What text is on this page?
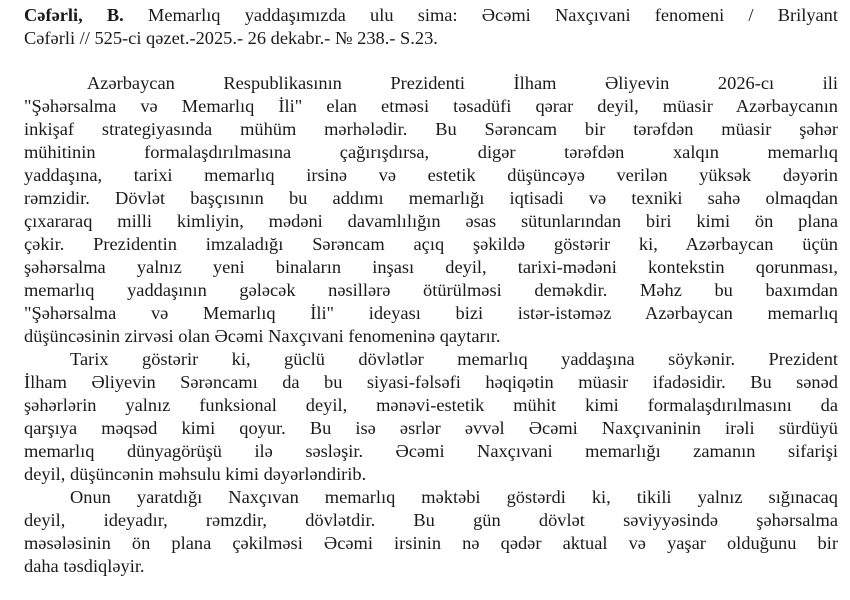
Cəfərli, B. Memarlıq yaddaşımızda ulu sima: Əcəmi Naxçıvani fenomeni / Brilyant
Cəfərli // 525-ci qəzet.-2025.- 26 dekabr.- № 238.- S.23.
Azərbaycan Respublikasının Prezidenti İlham Əliyevin 2026-cı ili
"Şəhərsalma və Memarlıq İli" elan etməsi təsadüfi qərar deyil, müasir Azərbaycanın
inkişaf strategiyasında mühüm mərhələdir. Bu Sərəncam bir tərəfdən müasir şəhər
mühitinin formalaşdırılmasına çağırışdırsa, digər tərəfdən xalqın memarlıq
yaddaşına, tarixi memarlıq irsinə və estetik düşüncəyə verilən yüksək dəyərin
rəmzidir. Dövlət başçısının bu addımı memarlığı iqtisadi və texniki sahə olmaqdan
çıxararaq milli kimliyin, mədəni davamlılığın əsas sütunlarından biri kimi ön plana
çəkir. Prezidentin imzaladığı Sərəncam açıq şəkildə göstərir ki, Azərbaycan üçün
şəhərsalma yalnız yeni binaların inşası deyil, tarixi-mədəni kontekstin qorunması,
memarlıq yaddaşının gələcək nəsillərə ötürülməsi deməkdir. Məhz bu baxımdan
"Şəhərsalma və Memarlıq İli" ideyası bizi istər-istəməz Azərbaycan memarlıq
düşüncəsinin zirvəsi olan Əcəmi Naxçıvani fenomeninə qaytarır.
Tarix göstərir ki, güclü dövlətlər memarlıq yaddaşına söykənir. Prezident
İlham Əliyevin Sərəncamı da bu siyasi-fəlsəfi həqiqətin müasir ifadəsidir. Bu sənəd
şəhərlərin yalnız funksional deyil, mənəvi-estetik mühit kimi formalaşdırılmasını da
qarşıya məqsəd kimi qoyur. Bu isə əsrlər əvvəl Əcəmi Naxçıvaninin irəli sürdüyü
memarlıq dünyagörüşü ilə səsləşir. Əcəmi Naxçıvani memarlığı zamanın sifarişi
deyil, düşüncənin məhsulu kimi dəyərləndirib.
Onun yaratdığı Naxçıvan memarlıq məktəbi göstərdi ki, tikili yalnız sığınacaq
deyil, ideyadır, rəmzdir, dövlətdir. Bu gün dövlət səviyyəsində şəhərsalma
məsələsinin ön plana çəkilməsi Əcəmi irsinin nə qədər aktual və yaşar olduğunu bir
daha təsdiqləyir.
